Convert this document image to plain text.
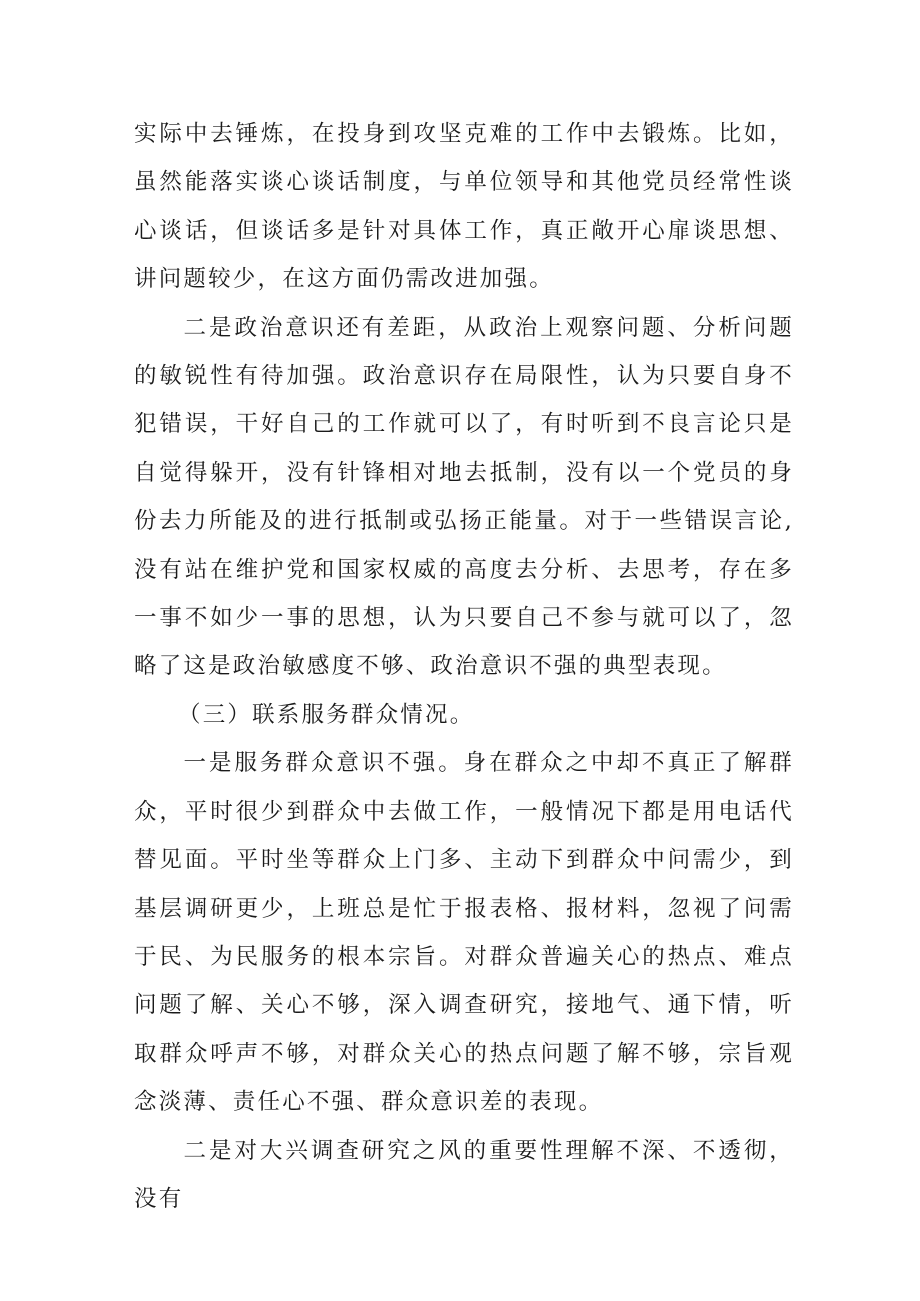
实际中去锤炼，在投身到攻坚克难的工作中去锻炼。比如，虽然能落实谈心谈话制度，与单位领导和其他党员经常性谈心谈话，但谈话多是针对具体工作，真正敞开心扉谈思想、讲问题较少，在这方面仍需改进加强。

二是政治意识还有差距，从政治上观察问题、分析问题的敏锐性有待加强。政治意识存在局限性，认为只要自身不犯错误，干好自己的工作就可以了，有时听到不良言论只是自觉得躲开，没有针锋相对地去抵制，没有以一个党员的身份去力所能及的进行抵制或弘扬正能量。对于一些错误言论,没有站在维护党和国家权威的高度去分析、去思考，存在多一事不如少一事的思想，认为只要自己不参与就可以了，忽略了这是政治敏感度不够、政治意识不强的典型表现。

（三）联系服务群众情况。

一是服务群众意识不强。身在群众之中却不真正了解群众，平时很少到群众中去做工作，一般情况下都是用电话代替见面。平时坐等群众上门多、主动下到群众中问需少，到基层调研更少，上班总是忙于报表格、报材料，忽视了问需于民、为民服务的根本宗旨。对群众普遍关心的热点、难点问题了解、关心不够，深入调查研究，接地气、通下情，听取群众呼声不够，对群众关心的热点问题了解不够，宗旨观念淡薄、责任心不强、群众意识差的表现。

二是对大兴调查研究之风的重要性理解不深、不透彻，没有
